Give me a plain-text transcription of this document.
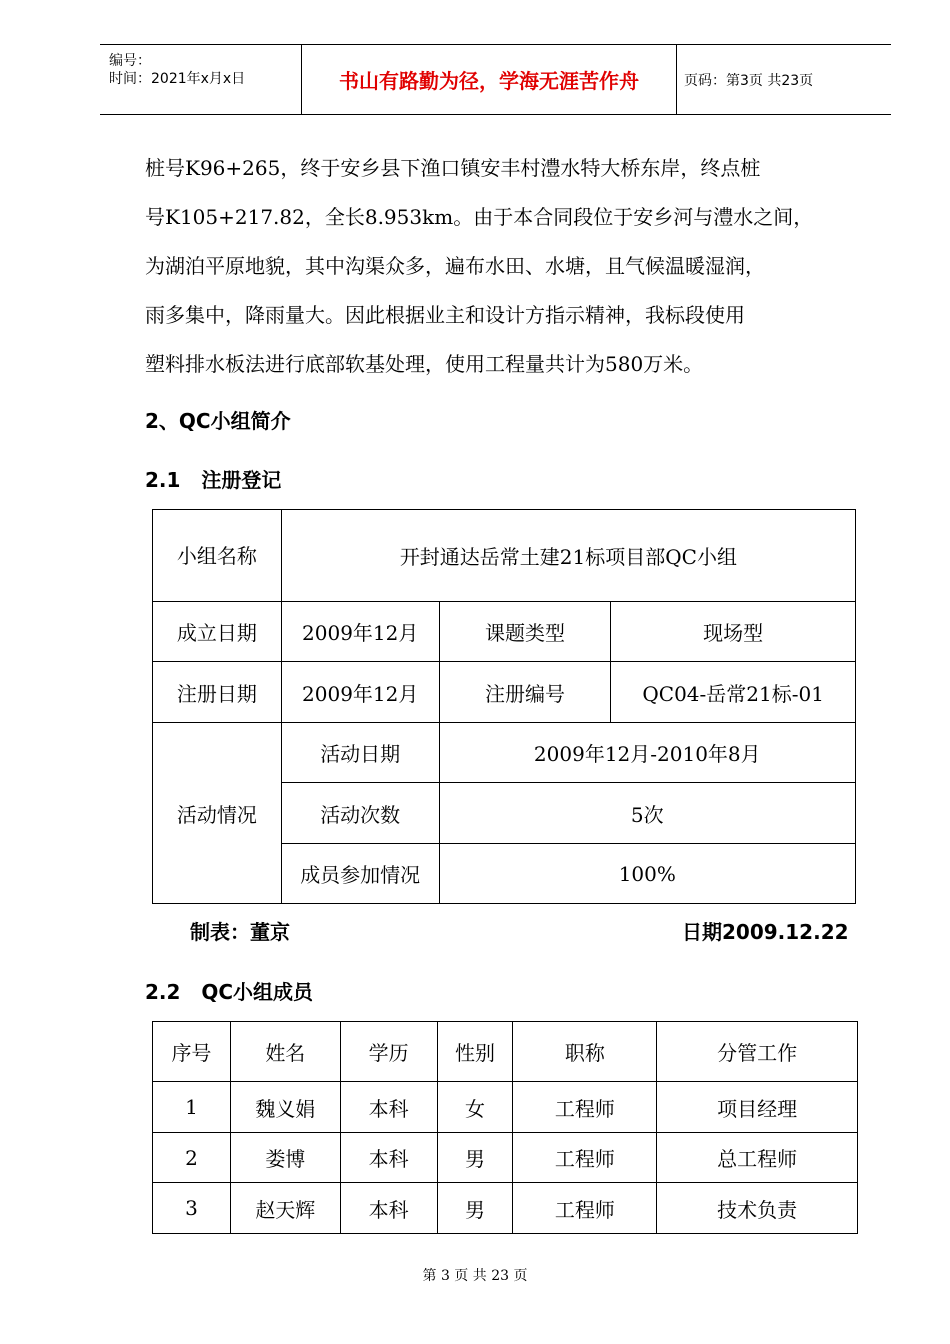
编号：
时间：2021年x月x日	书山有路勤为径，学海无涯苦作舟	页码：第3页 共23页

桩号K96+265，终于安乡县下渔口镇安丰村澧水特大桥东岸，终点桩

号K105+217.82，全长8.953km。由于本合同段位于安乡河与澧水之间，

为湖泊平原地貌，其中沟渠众多，遍布水田、水塘，且气候温暖湿润，

雨多集中，降雨量大。因此根据业主和设计方指示精神，我标段使用

塑料排水板法进行底部软基处理，使用工程量共计为580万米。

2、QC小组简介
2.1   注册登记
小组名称	开封通达岳常土建21标项目部QC小组		
成立日期	2009年12月	课题类型	现场型
注册日期	2009年12月	注册编号	QC04-岳常21标-01
活动情况	活动日期	2009年12月-2010年8月	
	活动次数	5次	
	成员参加情况	100%	
制表：董京	日期2009.12.22
2.2   QC小组成员
序号	姓名	学历	性别	职称	分管工作
1	魏义娟	本科	女	工程师	项目经理
2	娄博	本科	男	工程师	总工程师
3	赵天辉	本科	男	工程师	技术负责
第 3 页 共 23 页
